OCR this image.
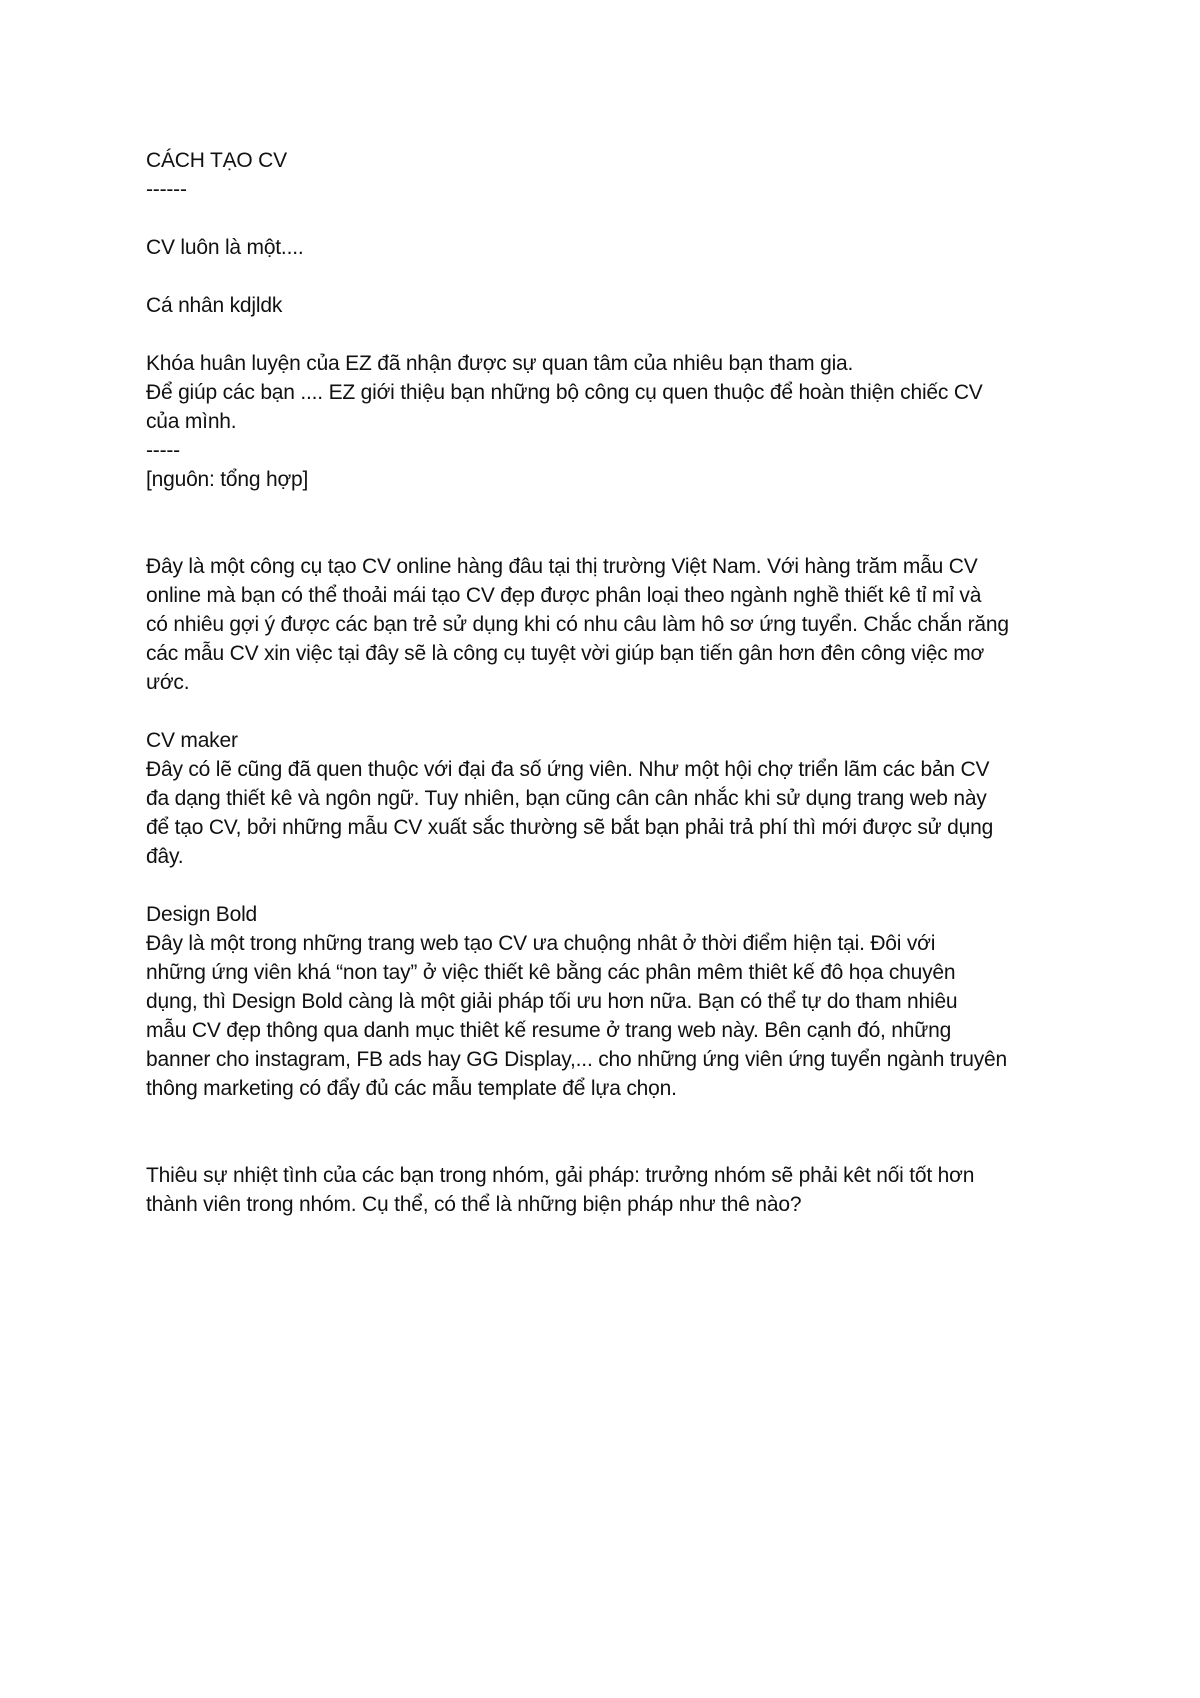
CÁCH TẠO CV
------
CV luôn là một....
Cá nhân kdjldk
Khóa huân luyện của EZ đã nhận được sự quan tâm của nhiêu bạn tham gia.
Để giúp các bạn .... EZ giới thiệu bạn những bộ công cụ quen thuộc để hoàn thiện chiếc CV
của mình.
-----
[nguôn: tổng hợp]
Đây là một công cụ tạo CV online hàng đâu tại thị trường Việt Nam. Với hàng trăm mẫu CV
online mà bạn có thể thoải mái tạo CV đẹp được phân loại theo ngành nghề thiết kê tỉ mỉ và
có nhiêu gợi ý được các bạn trẻ sử dụng khi có nhu câu làm hô sơ ứng tuyển. Chắc chắn răng
các mẫu CV xin việc tại đây sẽ là công cụ tuyệt vời giúp bạn tiến gân hơn đên công việc mơ
ước.
CV maker
Đây có lẽ cũng đã quen thuộc với đại đa số ứng viên. Như một hội chợ triển lãm các bản CV
đa dạng thiết kê và ngôn ngữ. Tuy nhiên, bạn cũng cân cân nhắc khi sử dụng trang web này
để tạo CV, bởi những mẫu CV xuất sắc thường sẽ bắt bạn phải trả phí thì mới được sử dụng
đây.
Design Bold
Đây là một trong những trang web tạo CV ưa chuộng nhât ở thời điểm hiện tại. Đôi với
những ứng viên khá “non tay” ở việc thiết kê bằng các phân mêm thiêt kế đô họa chuyên
dụng, thì Design Bold càng là một giải pháp tối ưu hơn nữa. Bạn có thể tự do tham nhiêu
mẫu CV đẹp thông qua danh mục thiêt kế resume ở trang web này. Bên cạnh đó, những
banner cho instagram, FB ads hay GG Display,... cho những ứng viên ứng tuyển ngành truyên
thông marketing có đẩy đủ các mẫu template để lựa chọn.
Thiêu sự nhiệt tình của các bạn trong nhóm, gải pháp: trưởng nhóm sẽ phải kêt nối tốt hơn
thành viên trong nhóm. Cụ thể, có thể là những biện pháp như thê nào?
